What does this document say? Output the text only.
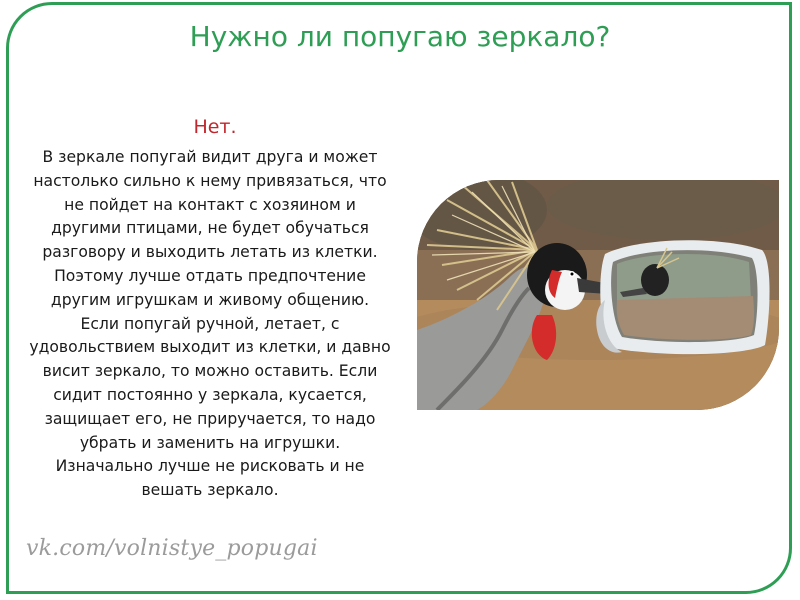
Нужно ли попугаю зеркало?
Нет.
В зеркале попугай видит друга и может
настолько сильно к нему привязаться, что
не пойдет на контакт с хозяином и
другими птицами, не будет обучаться
разговору и выходить летать из клетки.
Поэтому лучше отдать предпочтение
другим игрушкам и живому общению.
Если попугай ручной, летает, с
удовольствием выходит из клетки, и давно
висит зеркало, то можно оставить. Если
сидит постоянно у зеркала, кусается,
защищает его, не приручается, то надо
убрать и заменить на игрушки.
Изначально лучше не рисковать и не
вешать зеркало.
vk.com/volnistye_popugai
